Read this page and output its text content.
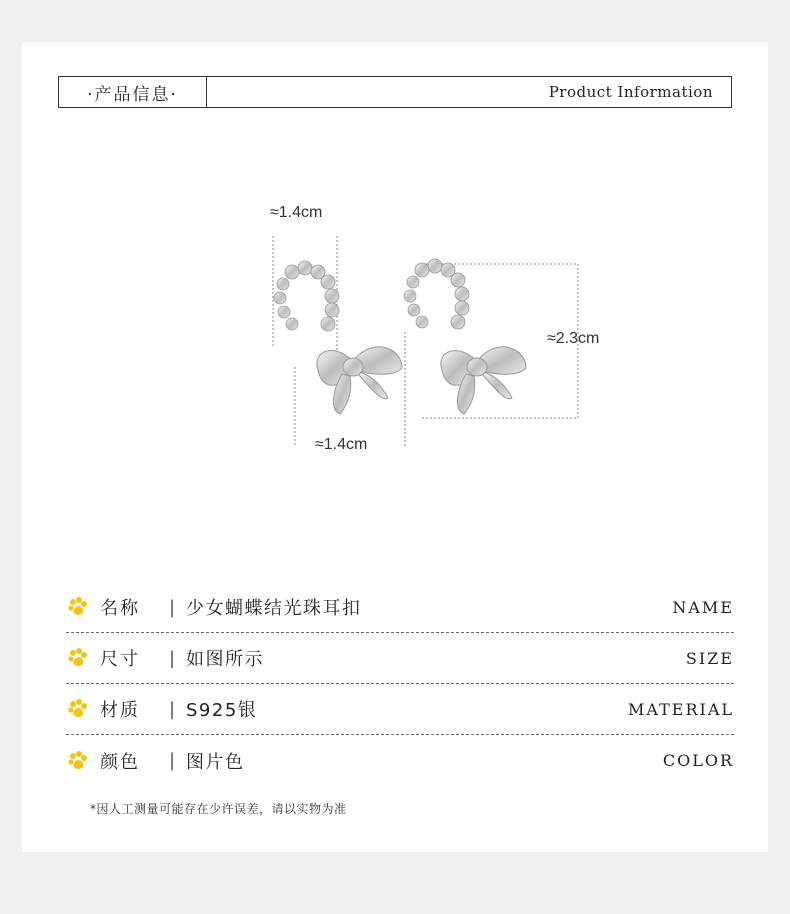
·产品信息·	Product Information
≈1.4cm
≈1.4cm
≈2.3cm
名称	| 少女蝴蝶结光珠耳扣	NAME
尺寸	| 如图所示	SIZE
材质	| S925银	MATERIAL
颜色	| 图片色	COLOR
*因人工测量可能存在少许误差，请以实物为准
